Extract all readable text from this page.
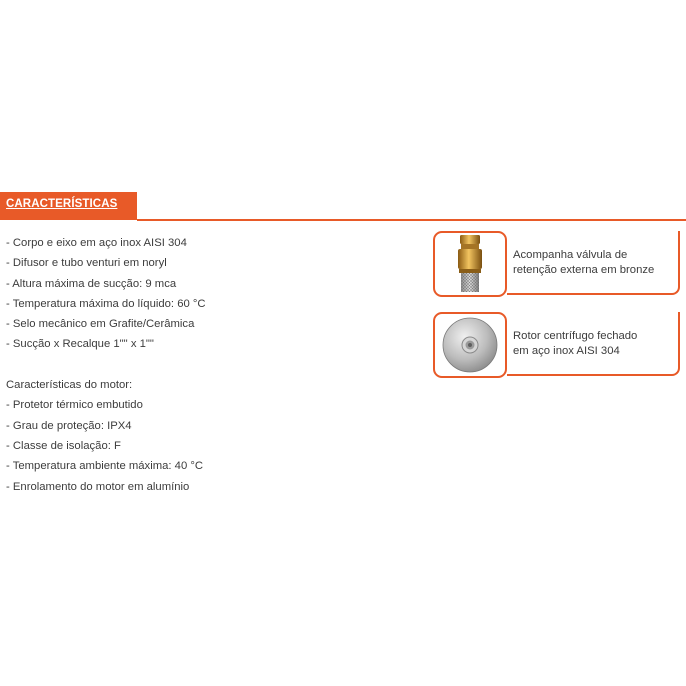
CARACTERÍSTICAS
- Corpo e eixo em aço inox AISI 304
- Difusor e tubo venturi em noryl
- Altura máxima de sucção: 9 mca
- Temperatura máxima do líquido: 60 °C
- Selo mecânico em Grafite/Cerâmica
- Sucção x Recalque 1"" x 1""
Características do motor:
- Protetor térmico embutido
- Grau de proteção: IPX4
- Classe de isolação: F
- Temperatura ambiente máxima: 40 °C
- Enrolamento do motor em alumínio
Acompanha válvula de
retenção externa em bronze
Rotor centrífugo fechado
em aço inox AISI 304
